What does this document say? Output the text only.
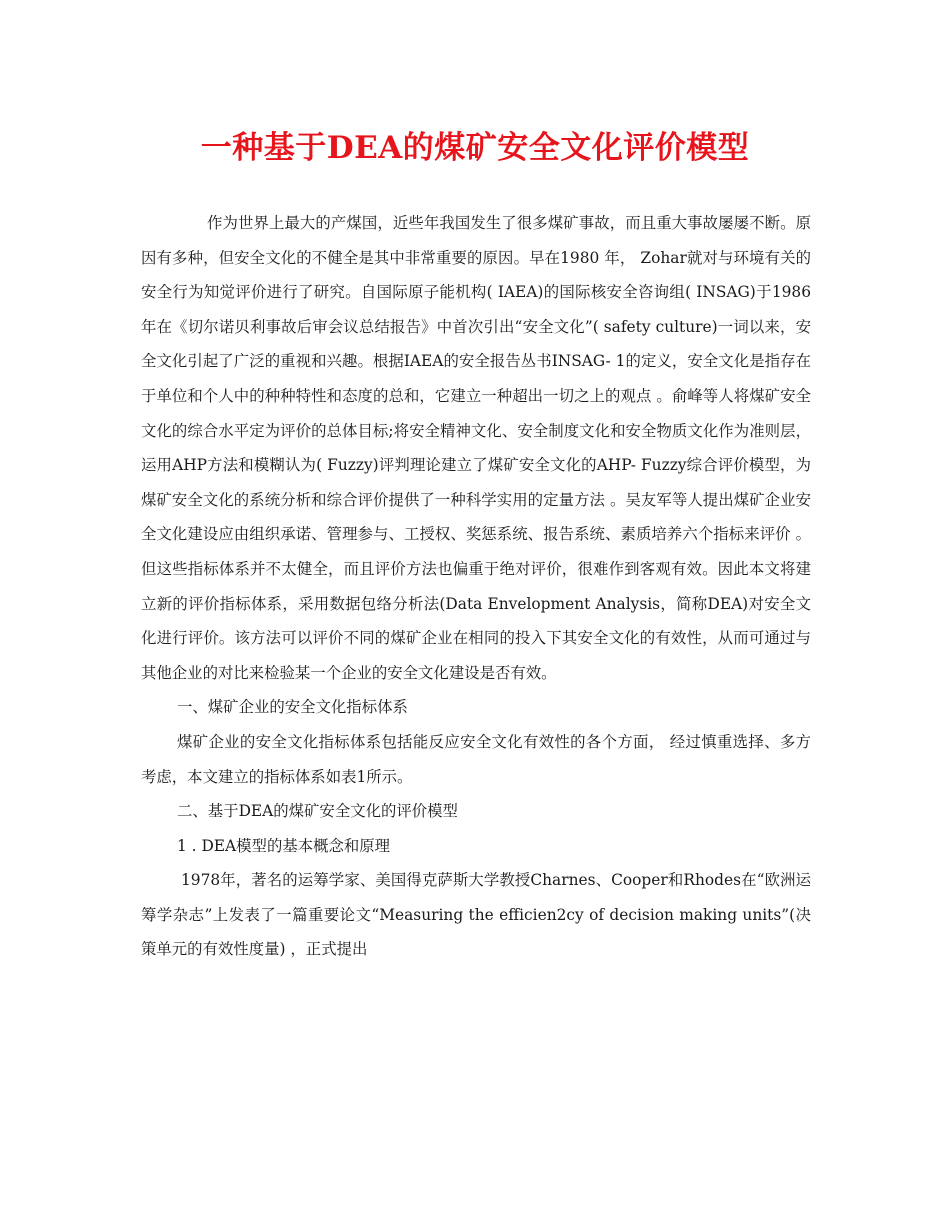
一种基于DEA的煤矿安全文化评价模型

作为世界上最大的产煤国，近些年我国发生了很多煤矿事故，而且重大事故屡屡不断。原因有多种，但安全文化的不健全是其中非常重要的原因。早在1980 年， Zohar就对与环境有关的安全行为知觉评价进行了研究。自国际原子能机构( IAEA)的国际核安全咨询组( INSAG)于1986年在《切尔诺贝利事故后审会议总结报告》中首次引出“安全文化”( safety culture)一词以来，安全文化引起了广泛的重视和兴趣。根据IAEA的安全报告丛书INSAG- 1的定义，安全文化是指存在于单位和个人中的种种特性和态度的总和，它建立一种超出一切之上的观点 。俞峰等人将煤矿安全文化的综合水平定为评价的总体目标;将安全精神文化、安全制度文化和安全物质文化作为准则层，运用AHP方法和模糊认为( Fuzzy)评判理论建立了煤矿安全文化的AHP- Fuzzy综合评价模型，为煤矿安全文化的系统分析和综合评价提供了一种科学实用的定量方法 。吴友军等人提出煤矿企业安全文化建设应由组织承诺、管理参与、工授权、奖惩系统、报告系统、素质培养六个指标来评价 。但这些指标体系并不太健全，而且评价方法也偏重于绝对评价，很难作到客观有效。因此本文将建立新的评价指标体系，采用数据包络分析法(Data Envelopment Analysis，简称DEA)对安全文化进行评价。该方法可以评价不同的煤矿企业在相同的投入下其安全文化的有效性，从而可通过与其他企业的对比来检验某一个企业的安全文化建设是否有效。

一、煤矿企业的安全文化指标体系

煤矿企业的安全文化指标体系包括能反应安全文化有效性的各个方面， 经过慎重选择、多方考虑，本文建立的指标体系如表1所示。

二、基于DEA的煤矿安全文化的评价模型

1 . DEA模型的基本概念和原理

1978年，著名的运筹学家、美国得克萨斯大学教授Charnes、Cooper和Rhodes在“欧洲运筹学杂志”上发表了一篇重要论文“Measuring the efficien2cy of decision making units”(决策单元的有效性度量) ，正式提出
